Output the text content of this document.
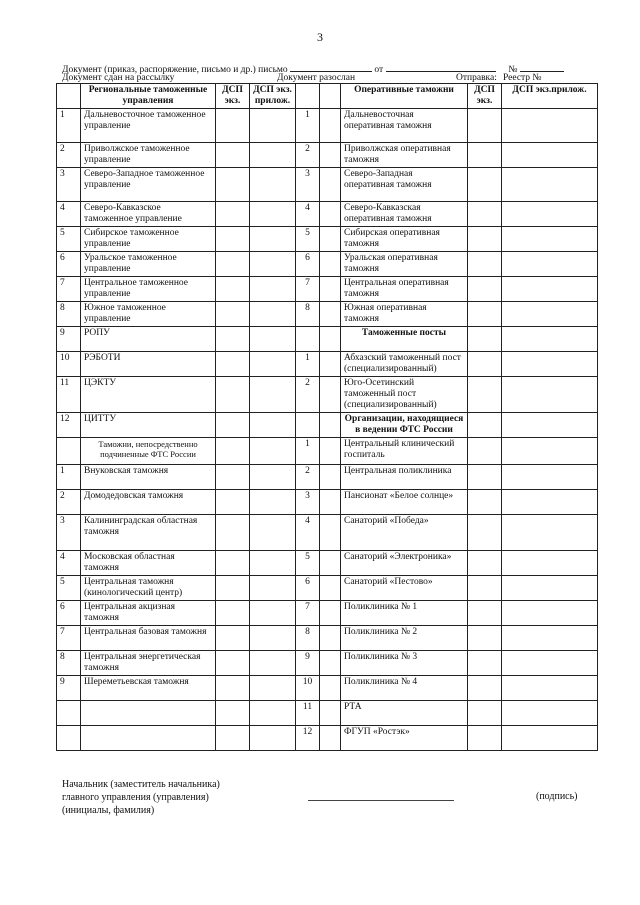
3
Документ (приказ, распоряжение, письмо и др.) письмо	от	№
Документ сдан на рассылку	Документ разослан	Отправка: Реестр №
	Региональные таможенные управления	ДСП экз.	ДСП экз. прилож.			Оперативные таможни	ДСП экз.	ДСП экз.прилож.
1	Дальневосточное таможенное управление			1		Дальневосточная оперативная таможня		
2	Приволжское таможенное управление			2		Приволжская оперативная таможня		
3	Северо-Западное таможенное управление			3		Северо-Западная оперативная таможня		
4	Северо-Кавказское таможенное управление			4		Северо-Кавказская оперативная таможня		
5	Сибирское таможенное управление			5		Сибирская оперативная таможня		
6	Уральское таможенное управление			6		Уральская оперативная таможня		
7	Центральное таможенное управление			7		Центральная оперативная таможня		
8	Южное таможенное управление			8		Южная оперативная таможня		
9	РОПУ					Таможенные посты		
10	РЭБОТИ			1		Абхазский таможенный пост (специализированный)		
11	ЦЭКТУ			2		Юго-Осетинский таможенный пост (специализированный)		
12	ЦИТТУ					Организации, находящиеся в ведении ФТС России		
	Таможни, непосредственно подчиненные ФТС России			1		Центральный клинический госпиталь		
1	Внуковская таможня			2		Центральная поликлиника		
2	Домодедовская таможня			3		Пансионат «Белое солнце»		
3	Калининградская областная таможня			4		Санаторий «Победа»		
4	Московская областная таможня			5		Санаторий «Электроника»		
5	Центральная таможня (кинологический центр)			6		Санаторий «Пестово»		
6	Центральная акцизная таможня			7		Поликлиника № 1		
7	Центральная базовая таможня			8		Поликлиника № 2		
8	Центральная энергетическая таможня			9		Поликлиника № 3		
9	Шереметьевская таможня			10		Поликлиника № 4		
				11		РТА		
				12		ФГУП «Ростэк»		
Начальник (заместитель начальника)
главного управления (управления)
(инициалы, фамилия)
(подпись)
